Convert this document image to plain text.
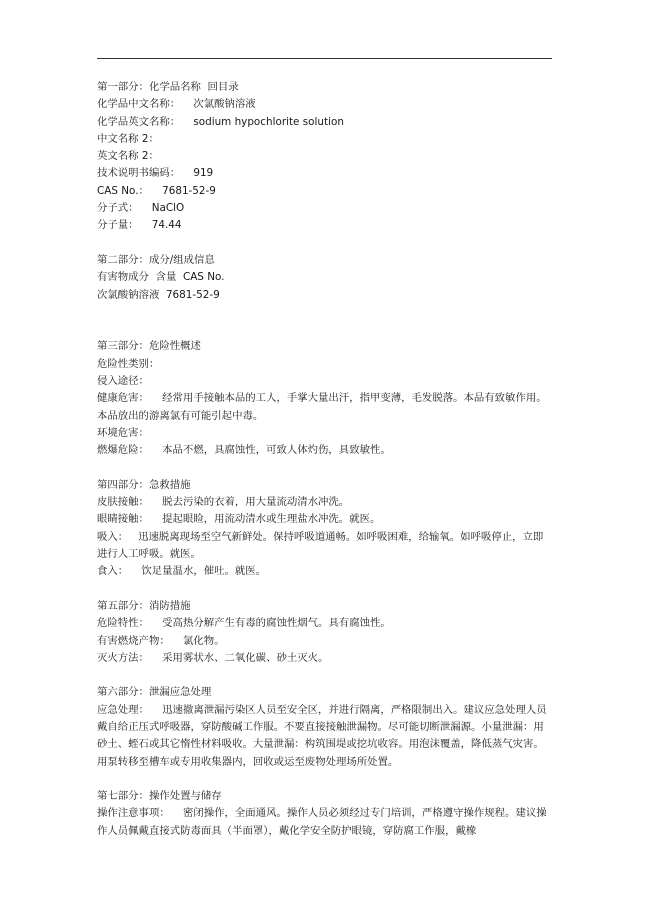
第一部分：化学品名称  回目录

化学品中文名称：    次氯酸钠溶液

化学品英文名称：    sodium hypochlorite solution

中文名称 2：

英文名称 2：

技术说明书编码：    919

CAS No.：    7681-52-9

分子式：    NaClO

分子量：    74.44

第二部分：成分/组成信息

有害物成分  含量  CAS No.

次氯酸钠溶液  7681-52-9

第三部分：危险性概述

危险性类别：

侵入途径：

健康危害：    经常用手接触本品的工人，手掌大量出汗，指甲变薄，毛发脱落。本品有致敏作用。本品放出的游离氯有可能引起中毒。

环境危害：

燃爆危险：    本品不燃，具腐蚀性，可致人体灼伤，具致敏性。

第四部分：急救措施

皮肤接触：    脱去污染的衣着，用大量流动清水冲洗。

眼睛接触：    提起眼睑，用流动清水或生理盐水冲洗。就医。

吸入：   迅速脱离现场至空气新鲜处。保持呼吸道通畅。如呼吸困难，给输氧。如呼吸停止，立即进行人工呼吸。就医。

食入：    饮足量温水，催吐。就医。

第五部分：消防措施

危险特性：    受高热分解产生有毒的腐蚀性烟气。具有腐蚀性。

有害燃烧产物：    氯化物。

灭火方法：    采用雾状水、二氧化碳、砂土灭火。

第六部分：泄漏应急处理

应急处理：    迅速撤离泄漏污染区人员至安全区，并进行隔离，严格限制出入。建议应急处理人员戴自给正压式呼吸器，穿防酸碱工作服。不要直接接触泄漏物。尽可能切断泄漏源。小量泄漏：用砂土、蛭石或其它惰性材料吸收。大量泄漏：构筑围堤或挖坑收容。用泡沫覆盖，降低蒸气灾害。用泵转移至槽车或专用收集器内，回收或运至废物处理场所处置。

第七部分：操作处置与储存

操作注意事项：    密闭操作，全面通风。操作人员必须经过专门培训，严格遵守操作规程。建议操作人员佩戴直接式防毒面具（半面罩），戴化学安全防护眼镜，穿防腐工作服，戴橡
